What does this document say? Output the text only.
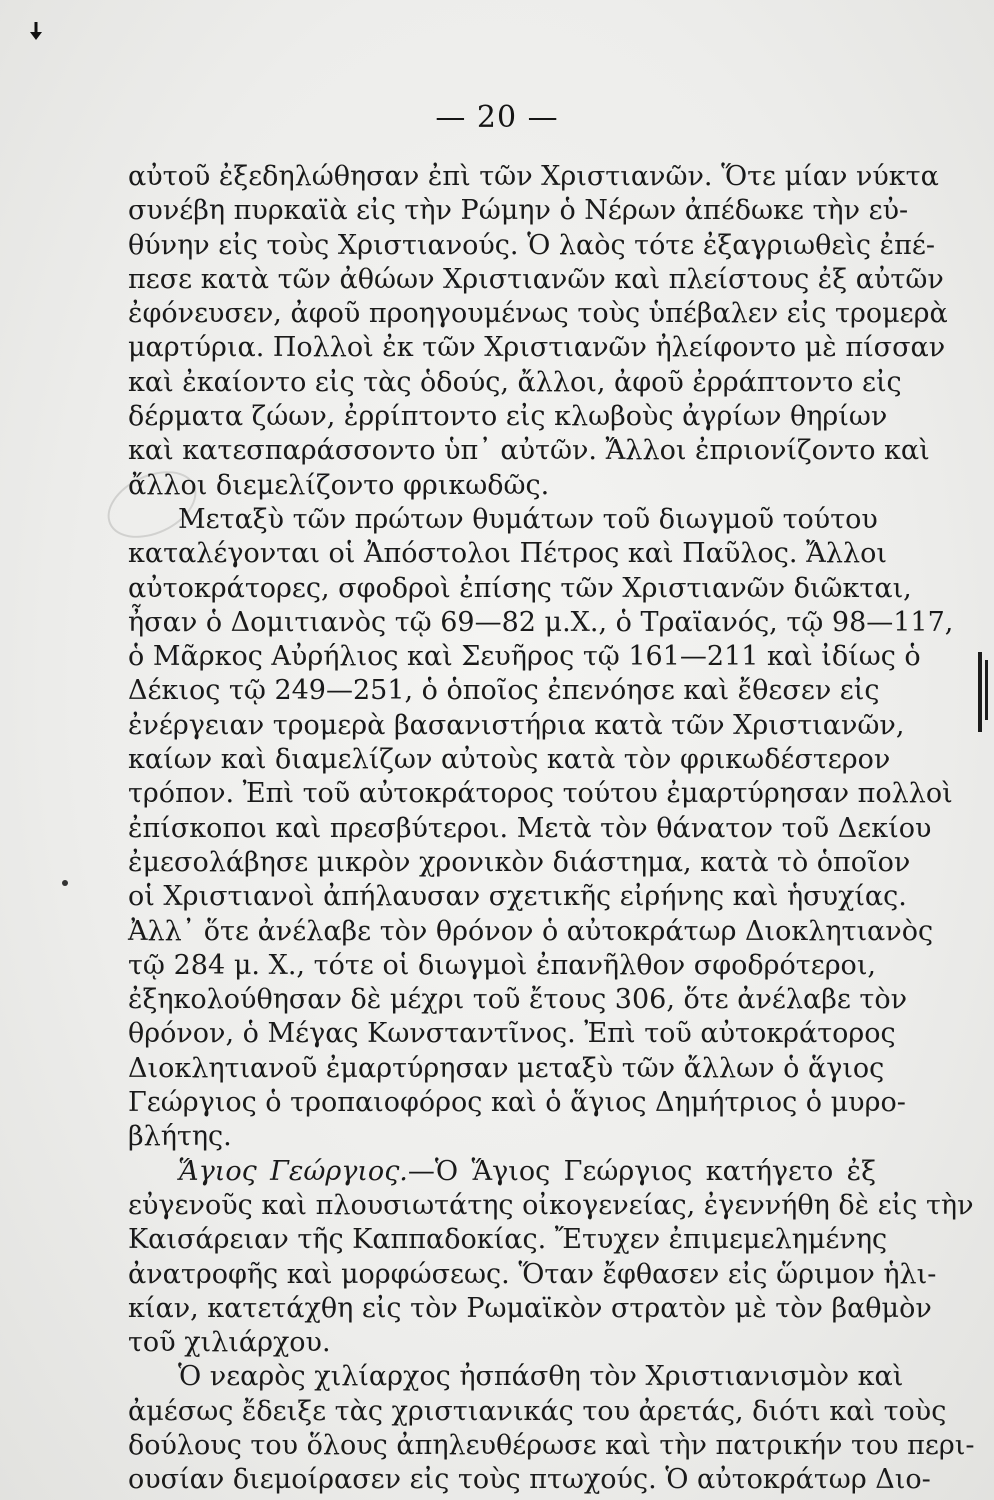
— 20 —
αὐτοῦ ἐξεδηλώθησαν ἐπὶ τῶν Χριστιανῶν. Ὅτε μίαν νύκτα
συνέβη πυρκαϊὰ εἰς τὴν Ρώμην ὁ Νέρων ἀπέδωκε τὴν εὐ-
θύνην εἰς τοὺς Χριστιανούς. Ὁ λαὸς τότε ἐξαγριωθεὶς ἐπέ-
πεσε κατὰ τῶν ἀθώων Χριστιανῶν καὶ πλείστους ἐξ αὐτῶν
ἐφόνευσεν, ἀφοῦ προηγουμένως τοὺς ὑπέβαλεν εἰς τρομερὰ
μαρτύρια. Πολλοὶ ἐκ τῶν Χριστιανῶν ἠλείφοντο μὲ πίσσαν
καὶ ἐκαίοντο εἰς τὰς ὁδούς, ἄλλοι, ἀφοῦ ἐρράπτοντο εἰς
δέρματα ζώων, ἐρρίπτοντο εἰς κλωβοὺς ἀγρίων θηρίων
καὶ κατεσπαράσσοντο ὑπ᾽ αὐτῶν. Ἄλλοι ἐπριονίζοντο καὶ
ἄλλοι διεμελίζοντο φρικωδῶς.
Μεταξὺ τῶν πρώτων θυμάτων τοῦ διωγμοῦ τούτου
καταλέγονται οἱ Ἀπόστολοι Πέτρος καὶ Παῦλος. Ἄλλοι
αὐτοκράτορες, σφοδροὶ ἐπίσης τῶν Χριστιανῶν διῶκται,
ἦσαν ὁ Δομιτιανὸς τῷ 69—82 μ.Χ., ὁ Τραϊανός, τῷ 98—117,
ὁ Μᾶρκος Αὐρήλιος καὶ Σευῆρος τῷ 161—211 καὶ ἰδίως ὁ
Δέκιος τῷ 249—251, ὁ ὁποῖος ἐπενόησε καὶ ἔθεσεν εἰς
ἐνέργειαν τρομερὰ βασανιστήρια κατὰ τῶν Χριστιανῶν,
καίων καὶ διαμελίζων αὐτοὺς κατὰ τὸν φρικωδέστερον
τρόπον. Ἐπὶ τοῦ αὐτοκράτορος τούτου ἐμαρτύρησαν πολλοὶ
ἐπίσκοποι καὶ πρεσβύτεροι. Μετὰ τὸν θάνατον τοῦ Δεκίου
ἐμεσολάβησε μικρὸν χρονικὸν διάστημα, κατὰ τὸ ὁποῖον
οἱ Χριστιανοὶ ἀπήλαυσαν σχετικῆς εἰρήνης καὶ ἡσυχίας.
Ἀλλ᾽ ὅτε ἀνέλαβε τὸν θρόνον ὁ αὐτοκράτωρ Διοκλητιανὸς
τῷ 284 μ. Χ., τότε οἱ διωγμοὶ ἐπανῆλθον σφοδρότεροι,
ἐξηκολούθησαν δὲ μέχρι τοῦ ἔτους 306, ὅτε ἀνέλαβε τὸν
θρόνον, ὁ Μέγας Κωνσταντῖνος. Ἐπὶ τοῦ αὐτοκράτορος
Διοκλητιανοῦ ἐμαρτύρησαν μεταξὺ τῶν ἄλλων ὁ ἅγιος
Γεώργιος ὁ τροπαιοφόρος καὶ ὁ ἅγιος Δημήτριος ὁ μυρο-
βλήτης.
Ἅγιος Γεώργιος.—Ὁ Ἅγιος Γεώργιος κατήγετο ἐξ
εὐγενοῦς καὶ πλουσιωτάτης οἰκογενείας, ἐγεννήθη δὲ εἰς τὴν
Καισάρειαν τῆς Καππαδοκίας. Ἔτυχεν ἐπιμεμελημένης
ἀνατροφῆς καὶ μορφώσεως. Ὅταν ἔφθασεν εἰς ὥριμον ἡλι-
κίαν, κατετάχθη εἰς τὸν Ρωμαϊκὸν στρατὸν μὲ τὸν βαθμὸν
τοῦ χιλιάρχου.
Ὁ νεαρὸς χιλίαρχος ἠσπάσθη τὸν Χριστιανισμὸν καὶ
ἀμέσως ἔδειξε τὰς χριστιανικάς του ἀρετάς, διότι καὶ τοὺς
δούλους του ὅλους ἀπηλευθέρωσε καὶ τὴν πατρικήν του περι-
ουσίαν διεμοίρασεν εἰς τοὺς πτωχούς. Ὁ αὐτοκράτωρ Διο-
